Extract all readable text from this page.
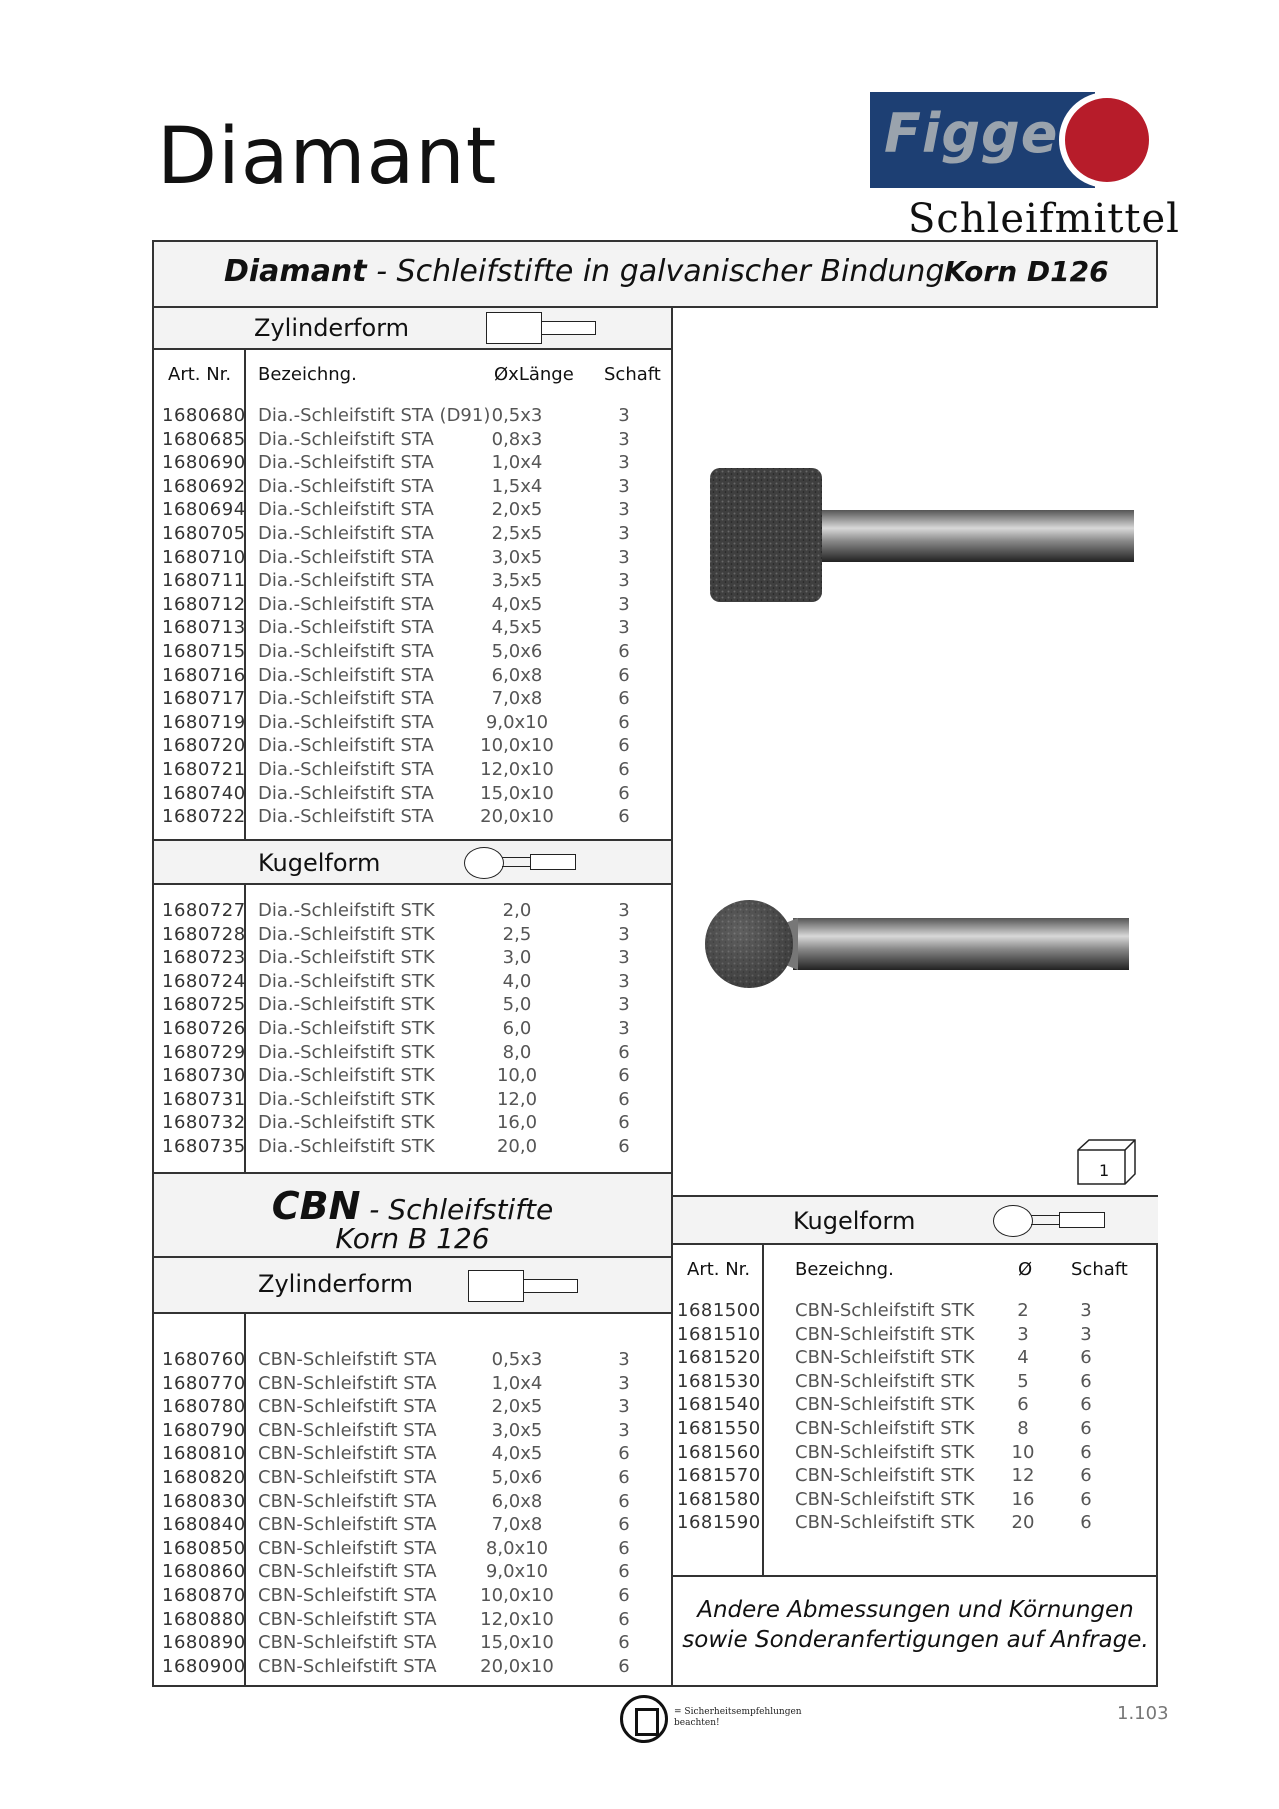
Diamant	Figge
Schleifmittel
Diamant - Schleifstifte in galvanischer Bindung Korn D126
Zylinderform
Art. Nr. Bezeichng.	ØxLänge Schaft
1680680 Dia.-Schleifstift STA (D91) 0,5x3	3
1680685 Dia.-Schleifstift STA	0,8x3	3
1680690 Dia.-Schleifstift STA	1,0x4	3
1680692 Dia.-Schleifstift STA	1,5x4	3
1680694 Dia.-Schleifstift STA	2,0x5	3
1680705 Dia.-Schleifstift STA	2,5x5	3
1680710 Dia.-Schleifstift STA	3,0x5	3
1680711 Dia.-Schleifstift STA	3,5x5	3
1680712 Dia.-Schleifstift STA	4,0x5	3
1680713 Dia.-Schleifstift STA	4,5x5	3
1680715 Dia.-Schleifstift STA	5,0x6	6
1680716 Dia.-Schleifstift STA	6,0x8	6
1680717 Dia.-Schleifstift STA	7,0x8	6
1680719 Dia.-Schleifstift STA	9,0x10	6
1680720 Dia.-Schleifstift STA	10,0x10	6
1680721 Dia.-Schleifstift STA	12,0x10	6
1680740 Dia.-Schleifstift STA	15,0x10	6
1680722 Dia.-Schleifstift STA	20,0x10	6
Kugelform
1680727 Dia.-Schleifstift STK	2,0	3
1680728 Dia.-Schleifstift STK	2,5	3
1680723 Dia.-Schleifstift STK	3,0	3
1680724 Dia.-Schleifstift STK	4,0	3
1680725 Dia.-Schleifstift STK	5,0	3
1680726 Dia.-Schleifstift STK	6,0	3
1680729 Dia.-Schleifstift STK	8,0	6
1680730 Dia.-Schleifstift STK	10,0	6
1680731 Dia.-Schleifstift STK	12,0	6
1680732 Dia.-Schleifstift STK	16,0	6
1680735 Dia.-Schleifstift STK	20,0	6
CBN - Schleifstifte
Korn B 126
Zylinderform
1680760 CBN-Schleifstift STA	0,5x3	3
1680770 CBN-Schleifstift STA	1,0x4	3
1680780 CBN-Schleifstift STA	2,0x5	3
1680790 CBN-Schleifstift STA	3,0x5	3
1680810 CBN-Schleifstift STA	4,0x5	6
1680820 CBN-Schleifstift STA	5,0x6	6
1680830 CBN-Schleifstift STA	6,0x8	6
1680840 CBN-Schleifstift STA	7,0x8	6
1680850 CBN-Schleifstift STA	8,0x10	6
1680860 CBN-Schleifstift STA	9,0x10	6
1680870 CBN-Schleifstift STA	10,0x10	6
1680880 CBN-Schleifstift STA	12,0x10	6
1680890 CBN-Schleifstift STA	15,0x10	6
1680900 CBN-Schleifstift STA	20,0x10	6
1
Kugelform
Art. Nr. Bezeichng.	Ø Schaft
1681500 CBN-Schleifstift STK	2	3
1681510 CBN-Schleifstift STK	3	3
1681520 CBN-Schleifstift STK	4	6
1681530 CBN-Schleifstift STK	5	6
1681540 CBN-Schleifstift STK	6	6
1681550 CBN-Schleifstift STK	8	6
1681560 CBN-Schleifstift STK	10	6
1681570 CBN-Schleifstift STK	12	6
1681580 CBN-Schleifstift STK	16	6
1681590 CBN-Schleifstift STK	20	6
Andere Abmessungen und Körnungen
sowie Sonderanfertigungen auf Anfrage.
= Sicherheitsempfehlungen beachten!	1.103
